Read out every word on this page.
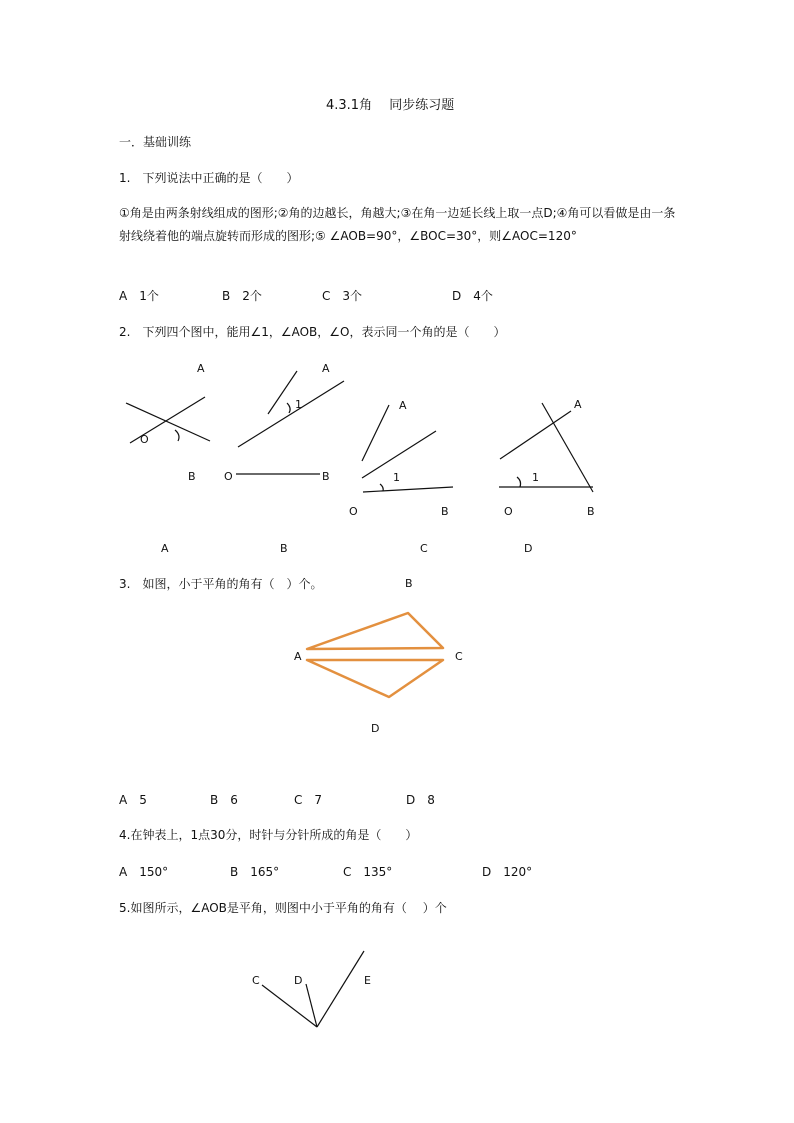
4.3.1角　 同步练习题
一．基础训练
1.　下列说法中正确的是（　　）
①角是由两条射线组成的图形;②角的边越长，角越大;③在角一边延长线上取一点D;④角可以看做是由一条射线绕着他的端点旋转而形成的图形;⑤ ∠AOB=90°，∠BOC=30°，则∠AOC=120°
A　1个	B　2个	C　3个	D　4个
2.　下列四个图中，能用∠1，∠AOB，∠O，表示同一个角的是（　　）
A
O
B
A
1
O	B
A
1
O	B
A
1
O	B
A	B	C	D
B
A	C
D
C	D	E
3.　如图，小于平角的角有（　）个。
A　5	B　6	C　7	D　8
4.在钟表上，1点30分，时针与分针所成的角是（　　）
A　150°	B　165°	C　135°	D　120°
5.如图所示，∠AOB是平角，则图中小于平角的角有（　 ）个
